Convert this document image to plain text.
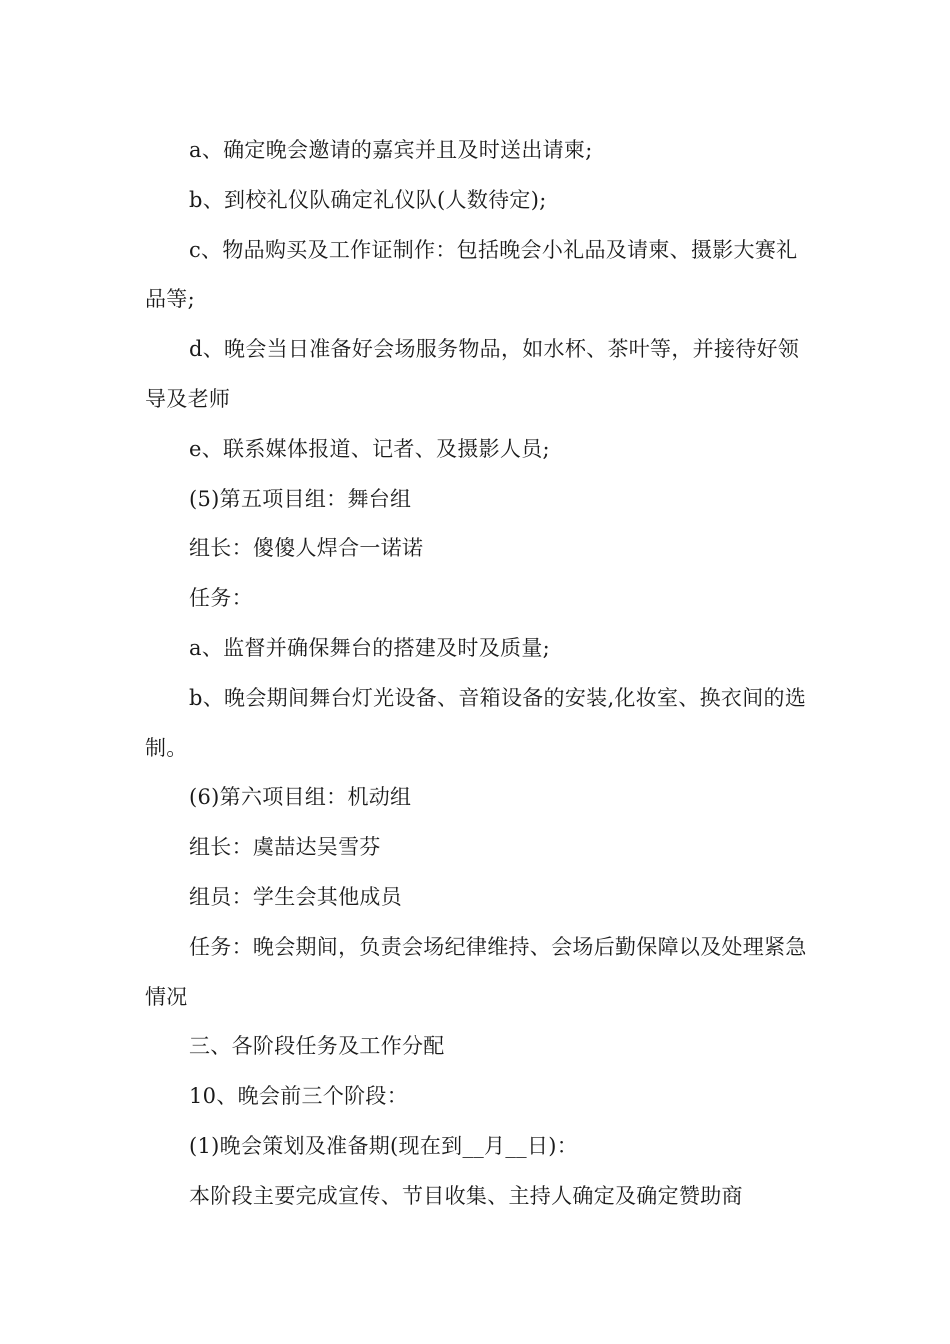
a、确定晚会邀请的嘉宾并且及时送出请柬;

b、到校礼仪队确定礼仪队(人数待定);

c、物品购买及工作证制作：包括晚会小礼品及请柬、摄影大赛礼品等;

d、晚会当日准备好会场服务物品，如水杯、茶叶等，并接待好领导及老师

e、联系媒体报道、记者、及摄影人员;

(5)第五项目组：舞台组

组长：傻傻人焊合一诺诺

任务：

a、监督并确保舞台的搭建及时及质量;

b、晚会期间舞台灯光设备、音箱设备的安装,化妆室、换衣间的选制。

(6)第六项目组：机动组

组长：虞喆达吴雪芬

组员：学生会其他成员

任务：晚会期间，负责会场纪律维持、会场后勤保障以及处理紧急情况

三、各阶段任务及工作分配

10、晚会前三个阶段：

(1)晚会策划及准备期(现在到__月__日)：

本阶段主要完成宣传、节目收集、主持人确定及确定赞助商
